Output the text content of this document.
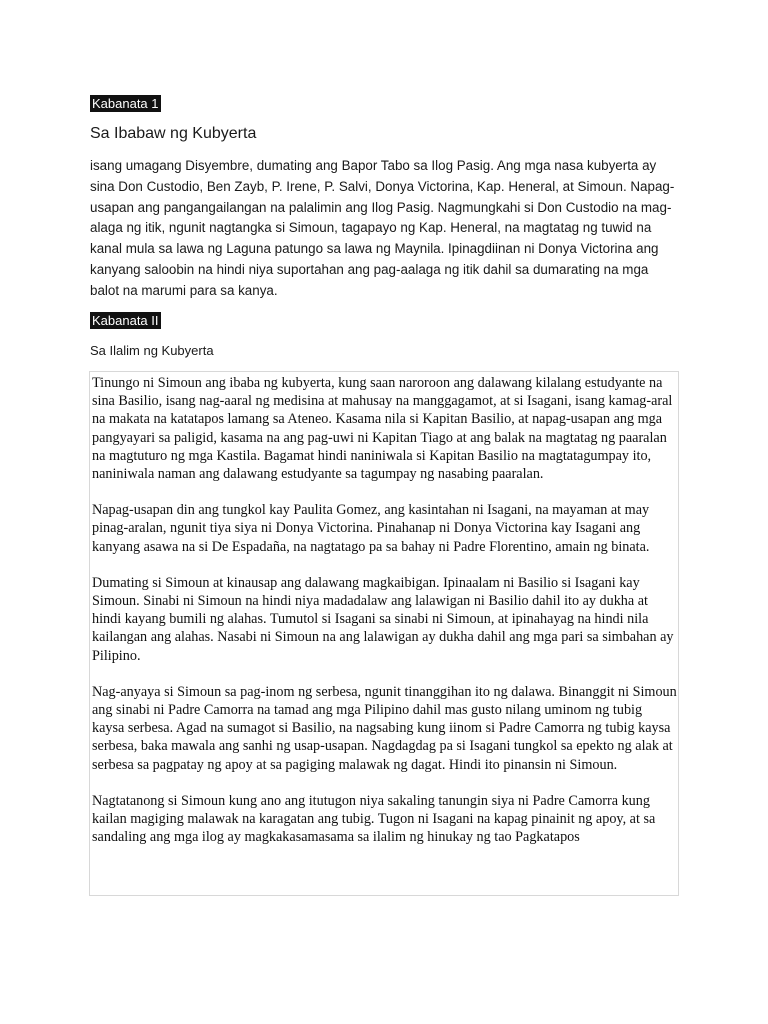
Kabanata 1
Sa Ibabaw ng Kubyerta

isang umagang Disyembre, dumating ang Bapor Tabo sa Ilog Pasig. Ang mga nasa kubyerta ay sina Don Custodio, Ben Zayb, P. Irene, P. Salvi, Donya Victorina, Kap. Heneral, at Simoun. Napag-usapan ang pangangailangan na palalimin ang Ilog Pasig. Nagmungkahi si Don Custodio na mag-alaga ng itik, ngunit nagtangka si Simoun, tagapayo ng Kap. Heneral, na magtatag ng tuwid na kanal mula sa lawa ng Laguna patungo sa lawa ng Maynila. Ipinagdiinan ni Donya Victorina ang kanyang saloobin na hindi niya suportahan ang pag-aalaga ng itik dahil sa dumarating na mga balot na marumi para sa kanya.

Kabanata II
Sa Ilalim ng Kubyerta

Tinungo ni Simoun ang ibaba ng kubyerta, kung saan naroroon ang dalawang kilalang estudyante na sina Basilio, isang nag-aaral ng medisina at mahusay na manggagamot, at si Isagani, isang kamag-aral na makata na katatapos lamang sa Ateneo. Kasama nila si Kapitan Basilio, at napag-usapan ang mga pangyayari sa paligid, kasama na ang pag-uwi ni Kapitan Tiago at ang balak na magtatag ng paaralan na magtuturo ng mga Kastila. Bagamat hindi naniniwala si Kapitan Basilio na magtatagumpay ito, naniniwala naman ang dalawang estudyante sa tagumpay ng nasabing paaralan.

Napag-usapan din ang tungkol kay Paulita Gomez, ang kasintahan ni Isagani, na mayaman at may pinag-aralan, ngunit tiya siya ni Donya Victorina. Pinahanap ni Donya Victorina kay Isagani ang kanyang asawa na si De Espadaña, na nagtatago pa sa bahay ni Padre Florentino, amain ng binata.

Dumating si Simoun at kinausap ang dalawang magkaibigan. Ipinaalam ni Basilio si Isagani kay Simoun. Sinabi ni Simoun na hindi niya madadalaw ang lalawigan ni Basilio dahil ito ay dukha at hindi kayang bumili ng alahas. Tumutol si Isagani sa sinabi ni Simoun, at ipinahayag na hindi nila kailangan ang alahas. Nasabi ni Simoun na ang lalawigan ay dukha dahil ang mga pari sa simbahan ay Pilipino.

Nag-anyaya si Simoun sa pag-inom ng serbesa, ngunit tinanggihan ito ng dalawa. Binanggit ni Simoun ang sinabi ni Padre Camorra na tamad ang mga Pilipino dahil mas gusto nilang uminom ng tubig kaysa serbesa. Agad na sumagot si Basilio, na nagsabing kung iinom si Padre Camorra ng tubig kaysa serbesa, baka mawala ang sanhi ng usap-usapan. Nagdagdag pa si Isagani tungkol sa epekto ng alak at serbesa sa pagpatay ng apoy at sa pagiging malawak ng dagat. Hindi ito pinansin ni Simoun.

Nagtatanong si Simoun kung ano ang itutugon niya sakaling tanungin siya ni Padre Camorra kung kailan magiging malawak na karagatan ang tubig. Tugon ni Isagani na kapag pinainit ng apoy, at sa sandaling ang mga ilog ay magkakasamasama sa ilalim ng hinukay ng tao Pagkatapos
